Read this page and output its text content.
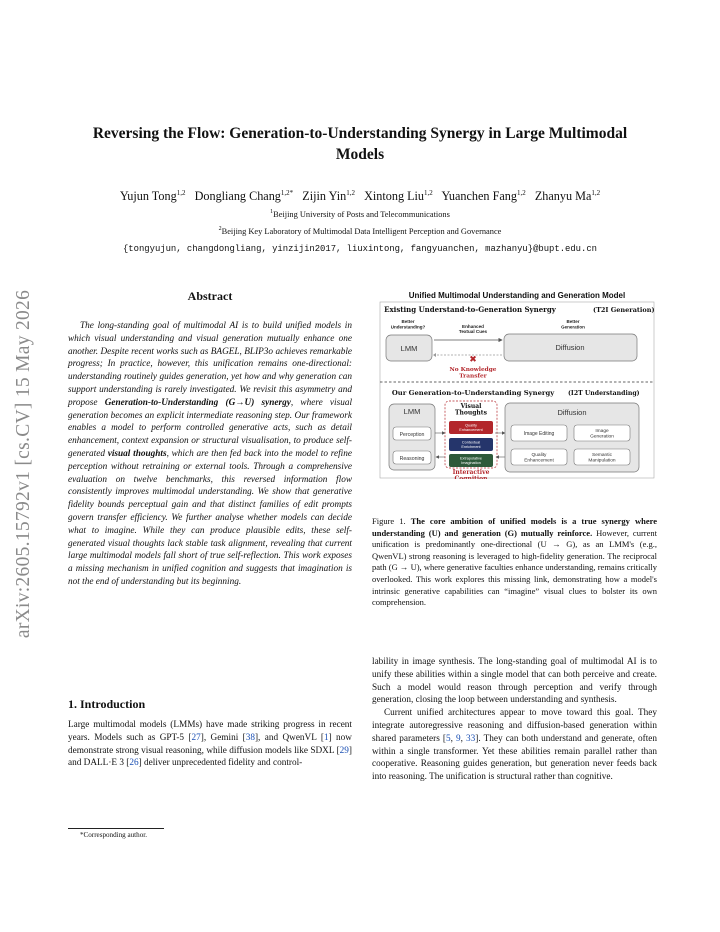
arXiv:2605.15792v1 [cs.CV] 15 May 2026
Reversing the Flow: Generation-to-Understanding Synergy in Large Multimodal
Models
Yujun Tong$^{1,2}$ Dongliang Chang$^{1,2*}$ Zijin Yin$^{1,2}$ Xintong Liu$^{1,2}$ Yuanchen Fang$^{1,2}$ Zhanyu Ma$^{1,2}$
$^1$Beijing University of Posts and Telecommunications
$^2$Beijing Key Laboratory of Multimodal Data Intelligent Perception and Governance
{tongyujun, changdongliang, yinzijin2017, liuxintong, fangyuanchen, mazhanyu}@bupt.edu.cn
Abstract
The long-standing goal of multimodal AI is to build unified models in which visual understanding and visual generation mutually enhance one another. Despite recent works such as BAGEL, BLIP3o achieves remarkable progress; In practice, however, this unification remains one-directional: understanding routinely guides generation, yet how and why generation can support understanding is rarely investigated. We revisit this asymmetry and propose Generation-to-Understanding (G→U) synergy, where visual generation becomes an explicit intermediate reasoning step. Our framework enables a model to perform controlled generative acts, such as detail enhancement, context expansion or structural visualisation, to produce self-generated visual thoughts, which are then fed back into the model to refine perception without retraining or external tools. Through a comprehensive evaluation on twelve benchmarks, this reversed information flow consistently improves multimodal understanding. We show that generative fidelity bounds perceptual gain and that distinct families of edit prompts govern transfer efficiency. We further analyse whether models can decide what to imagine. While they can produce plausible edits, these self-generated visual thoughts lack stable task alignment, revealing that current large multimodal models fall short of true self-reflection. This work exposes a missing mechanism in unified cognition and suggests that imagination is not the end of understanding but its beginning.
1. Introduction
Large multimodal models (LMMs) have made striking progress in recent years. Models such as GPT-5 [27], Gemini [38], and QwenVL [1] now demonstrate strong visual reasoning, while diffusion models like SDXL [29] and DALL·E 3 [26] deliver unprecedented fidelity and control-
*Corresponding author.
Unified Multimodal Understanding and Generation Model
Existing Understand-to-Generation Synergy	(T2I Generation)
Better Understanding?	Enhanced Textual Cues
Better Generation
LMM	Diffusion
✖
No Knowledge Transfer
Our Generation-to-Understanding Synergy (I2T Understanding)
LMM
Perception
Reasoning
Visual Thoughts
Quality Enhancement
Contextual Enrichment
Extrapolative Imagination
Interactive Cognition
Diffusion
Image Editing	Image Generation
Quality Enhancement
Semantic Manipulation
Figure 1. The core ambition of unified models is a true synergy where understanding (U) and generation (G) mutually reinforce. However, current unification is predominantly one-directional (U → G), as an LMM's (e.g., QwenVL) strong reasoning is leveraged to high-fidelity generation. The reciprocal path (G → U), where generative faculties enhance understanding, remains critically overlooked. This work explores this missing link, demonstrating how a model's intrinsic generative capabilities can “imagine” visual clues to bolster its own comprehension.

lability in image synthesis. The long-standing goal of multimodal AI is to unify these abilities within a single model that can both perceive and create. Such a model would reason through perception and verify through generation, closing the loop between understanding and synthesis.

Current unified architectures appear to move toward this goal. They integrate autoregressive reasoning and diffusion-based generation within shared parameters [5, 9, 33]. They can both understand and generate, often within a single transformer. Yet these abilities remain parallel rather than cooperative. Reasoning guides generation, but generation never feeds back into reasoning. The unification is structural rather than cognitive.
